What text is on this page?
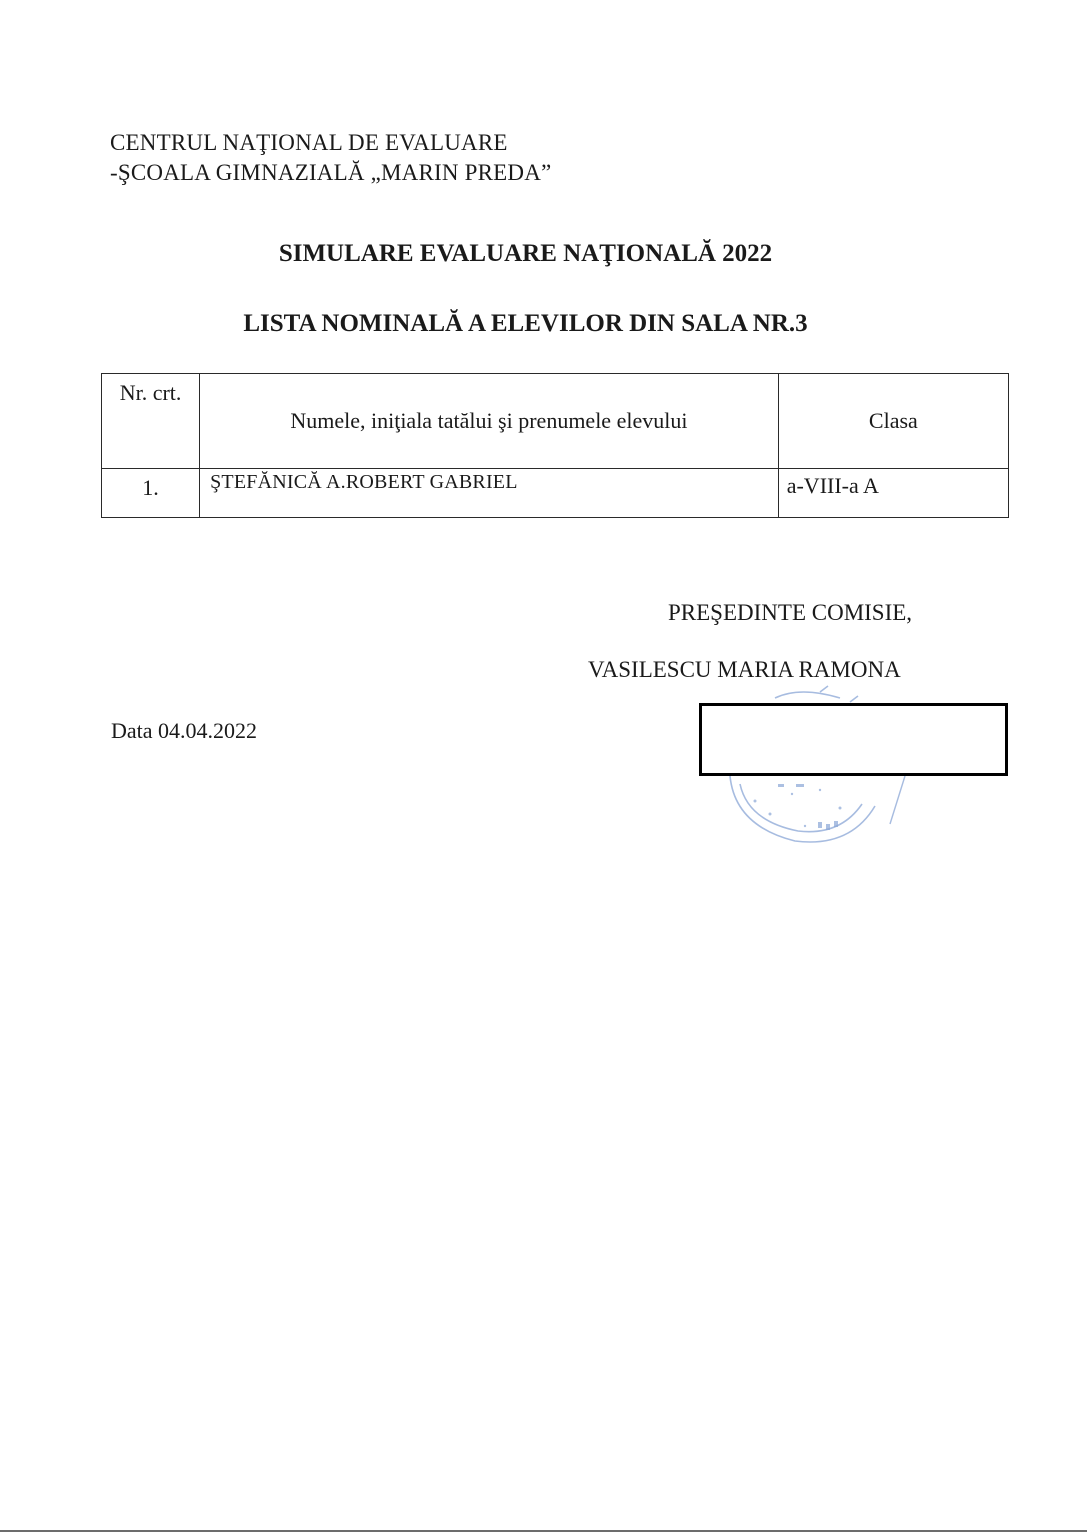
CENTRUL NAŢIONAL DE EVALUARE
-ŞCOALA GIMNAZIALĂ „MARIN PREDA”
SIMULARE EVALUARE NAŢIONALĂ 2022
LISTA NOMINALĂ A ELEVILOR DIN SALA NR.3
Nr. crt.	Numele, iniţiala tatălui şi prenumele elevului	Clasa
1.	ŞTEFĂNICĂ A.ROBERT GABRIEL	a-VIII-a A
PREŞEDINTE COMISIE,
VASILESCU MARIA RAMONA
Data 04.04.2022
